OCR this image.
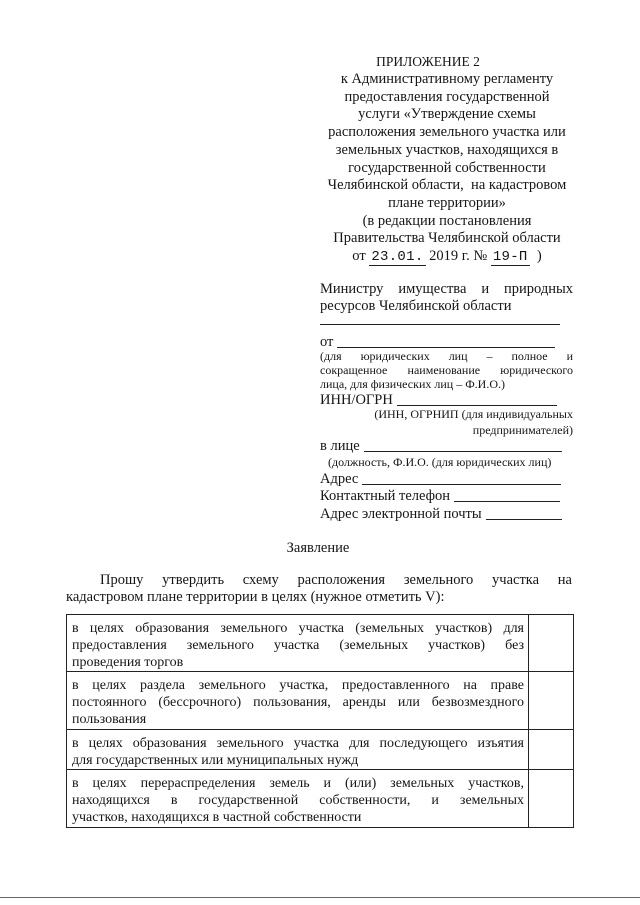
ПРИЛОЖЕНИЕ 2
к Административному регламенту
предоставления государственной
услуги «Утверждение схемы
расположения земельного участка или
земельных участков, находящихся в
государственной собственности
Челябинской области,  на кадастровом
плане территории»
(в редакции постановления
Правительства Челябинской области
от 23.01. 2019 г. № 19-П )
Министру имущества и природных
ресурсов Челябинской области
от
(для юридических лиц – полное и
сокращенное наименование юридического
лица, для физических лиц – Ф.И.О.)
ИНН/ОГРН
(ИНН, ОГРНИП (для индивидуальных
предпринимателей)
в лице
(должность, Ф.И.О. (для юридических лиц)
Адрес
Контактный телефон
Адрес электронной почты
Заявление
Прошу утвердить схему расположения земельного участка на
кадастровом плане территории в целях (нужное отметить V):
в целях образования земельного участка (земельных участков) для
предоставления земельного участка (земельных участков) без
проведения торгов	

в целях раздела земельного участка, предоставленного на праве
постоянного (бессрочного) пользования, аренды или безвозмездного
пользования	

в целях образования земельного участка для последующего изъятия
для государственных или муниципальных нужд	

в целях перераспределения земель и (или) земельных участков,
находящихся в государственной собственности, и земельных
участков, находящихся в частной собственности	
